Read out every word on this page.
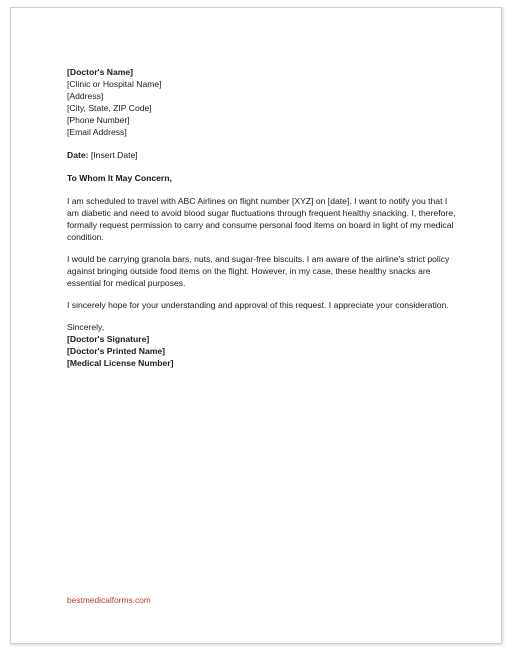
[Doctor's Name]
[Clinic or Hospital Name]
[Address]
[City, State, ZIP Code]
[Phone Number]
[Email Address]
Date: [Insert Date]
To Whom It May Concern,
I am scheduled to travel with ABC Airlines on flight number [XYZ] on [date]. I want to notify you that I am diabetic and need to avoid blood sugar fluctuations through frequent healthy snacking. I, therefore, formally request permission to carry and consume personal food items on board in light of my medical condition.
I would be carrying granola bars, nuts, and sugar-free biscuits. I am aware of the airline's strict policy against bringing outside food items on the flight. However, in my case, these healthy snacks are essential for medical purposes.
I sincerely hope for your understanding and approval of this request. I appreciate your consideration.
Sincerely,
[Doctor's Signature]
[Doctor's Printed Name]
[Medical License Number]
bestmedicalforms.com
